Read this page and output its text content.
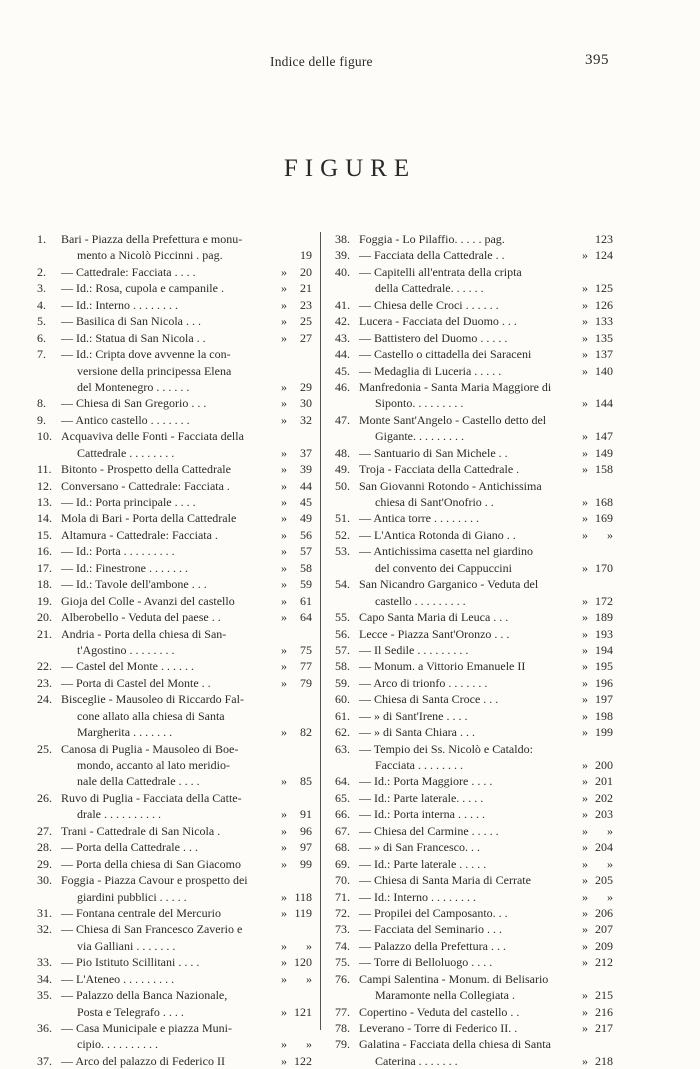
Indice delle figure	395
FIGURE
1.	Bari - Piazza della Prefettura e monu-
mento a Nicolò Piccinni . pag.	19
2.	— Cattedrale: Facciata . . . .	»	20
3.	— Id.: Rosa, cupola e campanile .	»	21
4.	— Id.: Interno . . . . . . . .	»	23
5.	— Basilica di San Nicola . . .	»	25
6.	— Id.: Statua di San Nicola . .	»	27
7.	— Id.: Cripta dove avvenne la con-
versione della principessa Elena
del Montenegro . . . . . .	»	29
8.	— Chiesa di San Gregorio . . .	»	30
9.	— Antico castello . . . . . . .	»	32
10. Acquaviva delle Fonti - Facciata della
Cattedrale . . . . . . . .	»	37
11. Bitonto - Prospetto della Cattedrale	»	39
12. Conversano - Cattedrale: Facciata .	»	44
13. — Id.: Porta principale . . . .	»	45
14. Mola di Bari - Porta della Cattedrale	»	49
15. Altamura - Cattedrale: Facciata .	»	56
16. — Id.: Porta . . . . . . . . .	»	57
17. — Id.: Finestrone . . . . . . .	»	58
18. — Id.: Tavole dell'ambone . . .	»	59
19. Gioja del Colle - Avanzi del castello	»	61
20. Alberobello - Veduta del paese . .	»	64
21. Andria - Porta della chiesa di San-
t'Agostino . . . . . . . .	»	75
22. — Castel del Monte . . . . . .	»	77
23. — Porta di Castel del Monte . .	»	79
24. Bisceglie - Mausoleo di Riccardo Fal-
cone allato alla chiesa di Santa
Margherita . . . . . . .	»	82
25. Canosa di Puglia - Mausoleo di Boe-
mondo, accanto al lato meridio-
nale della Cattedrale . . . .	»	85
26. Ruvo di Puglia - Facciata della Catte-
drale . . . . . . . . . .	»	91
27. Trani - Cattedrale di San Nicola .	»	96
28. — Porta della Cattedrale . . .	»	97
29. — Porta della chiesa di San Giacomo	»	99
30. Foggia - Piazza Cavour e prospetto dei
giardini pubblici . . . . .	» 118
31. — Fontana centrale del Mercurio	» 119
32. — Chiesa di San Francesco Zaverio e
via Galliani . . . . . . .	»	»
33. — Pio Istituto Scillitani . . . .	» 120
34. — L'Ateneo . . . . . . . . .	»	»
35. — Palazzo della Banca Nazionale,
Posta e Telegrafo . . . .	» 121
36. — Casa Municipale e piazza Muni-
cipio. . . . . . . . . .	»	»
37. — Arco del palazzo di Federico II	» 122
38. Foggia - Lo Pilaffio. . . . . pag.	123
39. — Facciata della Cattedrale . .	» 124
40. — Capitelli all'entrata della cripta
della Cattedrale. . . . . .	» 125
41. — Chiesa delle Croci . . . . . .	» 126
42. Lucera - Facciata del Duomo . . .	» 133
43. — Battistero del Duomo . . . . .	» 135
44. — Castello o cittadella dei Saraceni	» 137
45. — Medaglia di Luceria . . . . .	» 140
46. Manfredonia - Santa Maria Maggiore di
Siponto. . . . . . . . .	» 144
47. Monte Sant'Angelo - Castello detto del
Gigante. . . . . . . . .	» 147
48. — Santuario di San Michele . .	» 149
49. Troja - Facciata della Cattedrale .	» 158
50. San Giovanni Rotondo - Antichissima
chiesa di Sant'Onofrio . .	» 168
51. — Antica torre . . . . . . . .	» 169
52. — L'Antica Rotonda di Giano . .	»	»
53. — Antichissima casetta nel giardino
del convento dei Cappuccini	» 170
54. San Nicandro Garganico - Veduta del
castello . . . . . . . . .	» 172
55. Capo Santa Maria di Leuca . . .	» 189
56. Lecce - Piazza Sant'Oronzo . . .	» 193
57. — Il Sedile . . . . . . . . .	» 194
58. — Monum. a Vittorio Emanuele II	» 195
59. — Arco di trionfo . . . . . . .	» 196
60. — Chiesa di Santa Croce . . .	» 197
61. — » di Sant'Irene . . . .	» 198
62. — » di Santa Chiara . . .	» 199
63. — Tempio dei Ss. Nicolò e Cataldo:
Facciata . . . . . . . .	» 200
64. — Id.: Porta Maggiore . . . .	» 201
65. — Id.: Parte laterale. . . . .	» 202
66. — Id.: Porta interna . . . . .	» 203
67. — Chiesa del Carmine . . . . .	»	»
68. — » di San Francesco. . .	» 204
69. — Id.: Parte laterale . . . . .	»	»
70. — Chiesa di Santa Maria di Cerrate	» 205
71. — Id.: Interno . . . . . . . .	»	»
72. — Propilei del Camposanto. . .	» 206
73. — Facciata del Seminario . . .	» 207
74. — Palazzo della Prefettura . . .	» 209
75. — Torre di Belloluogo . . . .	» 212
76. Campi Salentina - Monum. di Belisario
Maramonte nella Collegiata .	» 215
77. Copertino - Veduta del castello . .	» 216
78. Leverano - Torre di Federico II. .	» 217
79. Galatina - Facciata della chiesa di Santa
Caterina . . . . . . .	» 218
